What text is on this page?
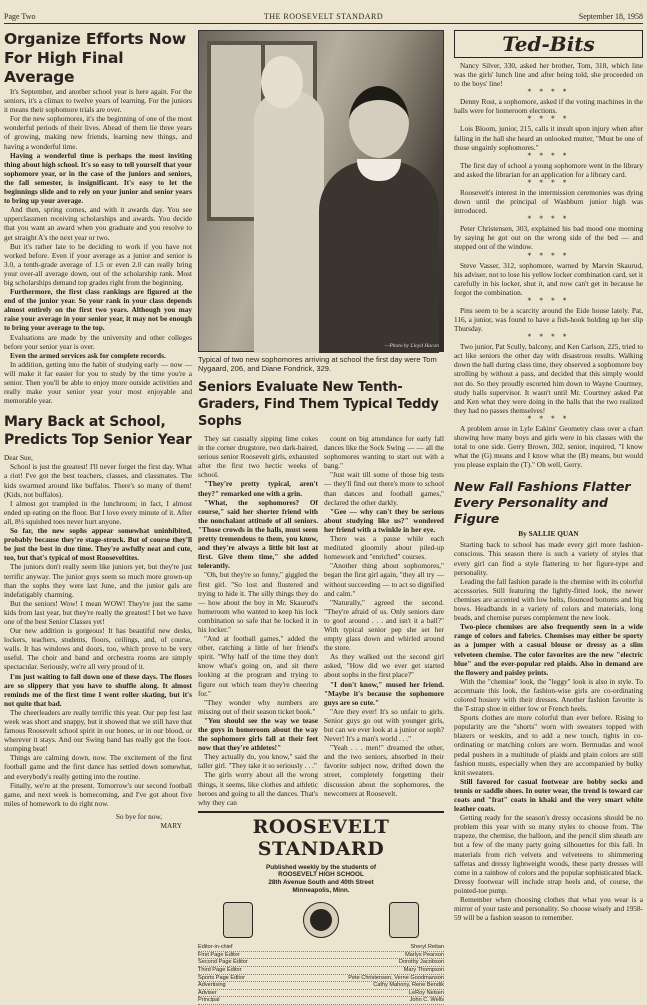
Page Two	THE ROOSEVELT STANDARD	September 18, 1958
Organize Efforts Now For High Final Average

It's September, and another school year is here again. For the seniors, it's a climax to twelve years of learning. For the juniors it means their sophomore trials are over.

For the new sophomores, it's the beginning of one of the most wonderful periods of their lives. Ahead of them lie three years of growing, making new friends, learning new things, and having a wonderful time.

Having a wonderful time is perhaps the most inviting thing about high school. It's so easy to tell yourself that your sophomore year, or in the case of the juniors and seniors, the fall semester, is insignificant. It's easy to let the beginnings slide and to rely on your junior and senior years to bring up your average.

And then, spring comes, and with it awards day. You see upperclassmen receiving scholarships and awards. You decide that you want an award when you graduate and you resolve to get straight A's the next year or two.

But it's rather late to be deciding to work if you have not worked before. Even if your average as a junior and senior is 3.0, a tenth-grade average of 1.5 or even 2.0 can really bring your over-all average down, out of the scholarship rank. Most big scholarships demand top grades right from the beginning.

Furthermore, the first class rankings are figured at the end of the junior year. So your rank in your class depends almost entirely on the first two years. Although you may raise your average in your senior year, it may not be enough to bring your average to the top.

Evaluations are made by the university and other colleges before your senior year is over.

Even the armed services ask for complete records.

In addition, getting into the habit of studying early — now — will make it far easier for you to study by the time you're a senior. Then you'll be able to enjoy more outside activities and really make your senior year your most enjoyable and memorable year.

Mary Back at School, Predicts Top Senior Year

Dear Sue,

School is just the greatest! I'll never forget the first day. What a riot! I've got the best teachers, classes, and classmates. The kids swarmed around like buffalos. There's so many of them! (Kids, not buffalos).

I almost got trampled in the lunchroom; in fact, I almost ended up eating on the floor. But I love every minute of it. After all, 8½ squished toes never hurt anyone.

So far, the new sophs appear somewhat uninhibited, probably because they're stage-struck. But of course they'll be just the best in due time. They're awfully neat and cute, too, but that's typical of most Rooseveltites.

The juniors don't really seem like juniors yet, but they're just terrific anyway. The junior guys seem so much more grown-up than the sophs they were last June, and the junior gals are indefatigably charming.

But the seniors! Wow! I mean WOW! They're just the same kids from last year, but they're really the greatest! I bet we have one of the best Senior Classes yet!

Our new addition is gorgeous! It has beautiful new desks, lockers, teachers, students, floors, ceilings, and, of course, walls. It has windows and doors, too, which prove to be very useful. The choir and band and orchestra rooms are simply spectacular. Seriously, we're all very proud of it.

I'm just waiting to fall down one of these days. The floors are so slippery that you have to shuffle along. It almost reminds me of the first time I went roller skating, but it's not quite that bad.

The cheerleaders are really terrific this year. Our pep fest last week was short and snappy, but it showed that we still have that famous Roosevelt school spirit in our bones, or in our blood, or wherever it stays. And our Swing band has really got the foot-stomping beat!

Things are calming down, now. The excitement of the first football game and the first dance has settled down somewhat, and everybody's really getting into the routine.

Finally, we're at the present. Tomorrow's our second football game, and next week is homecoming, and I've got about five miles of homework to do right now.

So bye for now,

MARY

—Photo by Lloyd Hacon

Typical of two new sophomores arriving at school the first day were Tom Nygaard, 206, and Diane Fondrick, 329.

Seniors Evaluate New Tenth-Graders, Find Them Typical Teddy Sophs

They sat casually sipping lime cokes in the corner drugstore, two dark-haired, serious senior Roosevelt girls, exhausted after the first two hectic weeks of school.

"They're pretty typical, aren't they?" remarked one with a grin.

"What, the sophomores? Of course," said her shorter friend with the nonchalant attitude of all seniors. "Those crowds in the halls, must seem pretty tremendous to them, you know, and they're always a little bit lost at first. Give them time," she added tolerantly.

"Oh, but they're so funny," giggled the first girl. "So lost and flustered and trying to hide it. The silly things they do — how about the boy in Mr. Skaurud's homeroom who wanted to keep his lock combination so safe that he locked it in his locker."

"And at football games," added the other, catching a little of her friend's spirit. "Why half of the time they don't know what's going on, and sit there looking at the program and trying to figure out which team they're cheering for."

"They wonder why numbers are missing out of their season ticket book."

"You should see the way we tease the guys in homeroom about the way the sophomore girls fall at their feet now that they're athletes!"

They actually do, you know," said the taller girl. "They take it so seriously . . ."

The girls worry about all the wrong things, it seems, like clothes and athletic heroes and going to all the dances. That's why they can

count on big attendance for early fall dances like the Sock Swing — — all the sophomores wanting to start out with a bang."

"Just wait till some of those big tests — they'll find out there's more to school than dances and football games," declared the other darkly.

"Gee — why can't they be serious about studying like us?" wondered her friend with a twinkle in her eye.

There was a pause while each meditated gloomily about piled-up homework and "enriched" courses.

"Another thing about sophomores," began the first girl again, "they all try — without succeeding — to act so dignified and calm."

"Naturally," agreed the second. "They're afraid of us. Only seniors dare to goof around . . . and isn't it a ball?" With typical senior pep she set her empty glass down and whirled around the store.

As they walked out the second girl asked, "How did we ever get started about sophs in the first place?"

"I don't know," mused her friend. "Maybe it's because the sophomore guys are so cute."

"Are they ever! It's so unfair to girls. Senior guys go out with younger girls, but can we ever look at a junior or soph? Never! It's a man's world . . ."

"Yeah . . . men!" dreamed the other, and the two seniors, absorbed in their favorite subject now, drifted down the street, completely forgetting their discussion about the sophomores, the newcomers at Roosevelt.

ROOSEVELT STANDARD
Published weekly by the students of
ROOSEVELT HIGH SCHOOL
28th Avenue South and 40th Street
Minneapolis, Minn.
Editor-in-chief	Sheryl Reitan
First Page Editor	Marlys Pearson
Second Page Editor	Dorothy Jacobson
Third Page Editor	Mary Thompson
Sports Page Editor	Pete Christensen, Verne Goodmanson
Advertising	Cathy Mahony, Rene Bendik
Adviser	LeRoy Nelsen
Principal	John C. Wells
Ted-Bits

Nancy Silver, 330, asked her brother, Tom, 318, which line was the girls' lunch line and after being told, she proceeded on to the boys' line!

* * * *

Denny Rost, a sophomore, asked if the voting machines in the halls were for homeroom elections.

* * * *

Lois Bloom, junior, 215, calls it insult upon injury when after falling in the hall she heard an onlooked mutter, "Must be one of those ungainly sophomores."

* * * *

The first day of school a young sophomore went in the library and asked the librarian for an application for a library card.

* * * *

Roosevelt's interest in the intermission ceremonies was dying down until the principal of Washburn junior high was introduced.

* * * *

Peter Christensen, 303, explained his bad mood one morning by saying he got out on the wrong side of the bed — and stepped out of the window.

* * * *

Steve Vasser, 312, sophomore, warned by Marvin Skaurud, his adviser, not to lose his yellow locker combination card, set it carefully in his locker, shut it, and now can't get in because he forgot the combination.

* * * *

Pins seem to be a scarcity around the Eide house lately. Pat, 116, a junior, was found to have a fish-hook holding up her slip Thursday.

* * * *

Two junior, Pat Scully, balcony, and Ken Carlson, 225, tried to act like seniors the other day with disastrous results. Walking down the hall during class time, they observed a sophomore boy strolling by without a pass, and decided that this simply would not do. So they proudly escorted him down to Wayne Courtney, study halls supervisor. It wasn't until Mr. Courtney asked Pat and Ken what they were doing in the halls that the two realized they had no passes themselves!

* * * *

A problem arose in Lyle Eakins' Geometry class over a chart showing how many boys and girls were in his classes with the total to one side. Gerry Brown, 302, senior, inquired, "I know what the (G) means and I know what the (B) means, but would you please explain the (T)." Oh well, Gerry.

New Fall Fashions Flatter Every Personality and Figure
By SALLIE QUAN

Starting back to school has made every girl more fashion-conscious. This season there is such a variety of styles that every girl can find a style flattering to her figure-type and personality.

Leading the fall fashion parade is the chemise with its colorful accessories. Still featuring the lightly-fitted look, the newer chemises are accented with low belts, flounced bottoms and big bows. Headbands in a variety of colors and materials, long beads, and chemise purses complement the new look.

Two-piece chemises are also frequently seen in a wide range of colors and fabrics. Chemises may either be sporty as a jumper with a casual blouse or dressy as a slim velveteen chemise. The color favorites are the new "electric blue" and the ever-popular red plaids. Also in demand are the flowery and paisley prints.

With the "chemise" look, the "leggy" look is also in style. To accentuate this look, the fashion-wise girls are co-ordinating colored hosiery with their dresses. Another fashion favorite is the T-strap shoe in either low or French heels.

Sports clothes are more colorful than ever before. Rising to popularity are the "shorts" worn with sweaters topped with blazers or weskits, and to add a new touch, tights in co-ordinating or matching colors are worn. Bermudas and wool pedal pushers in a multitude of plaids and plain colors are still fashion musts, especially when they are accompanied by bulky knit sweaters.

Still favored for casual footwear are bobby socks and tennis or saddle shoes. In outer wear, the trend is toward car coats and "frat" coats in khaki and the very smart white leather coats.

Getting ready for the season's dressy occasions should be no problem this year with so many styles to choose from. The trapeze, the chemise, the balloon, and the pencil slim sheath are but a few of the many party going silhouettes for this fall. In materials from rich velvets and velveteens to shimmering taffetas and dressy lightweight woods, these party dresses will come in a rainbow of colors and the popular sophisticated black. Dressy footwear will include strap heels and, of course, the pointed-toe pump.

Remember when choosing clothes that what you wear is a mirror of your taste and personality. So choose wisely and 1958-59 will be a fashion season to remember.
